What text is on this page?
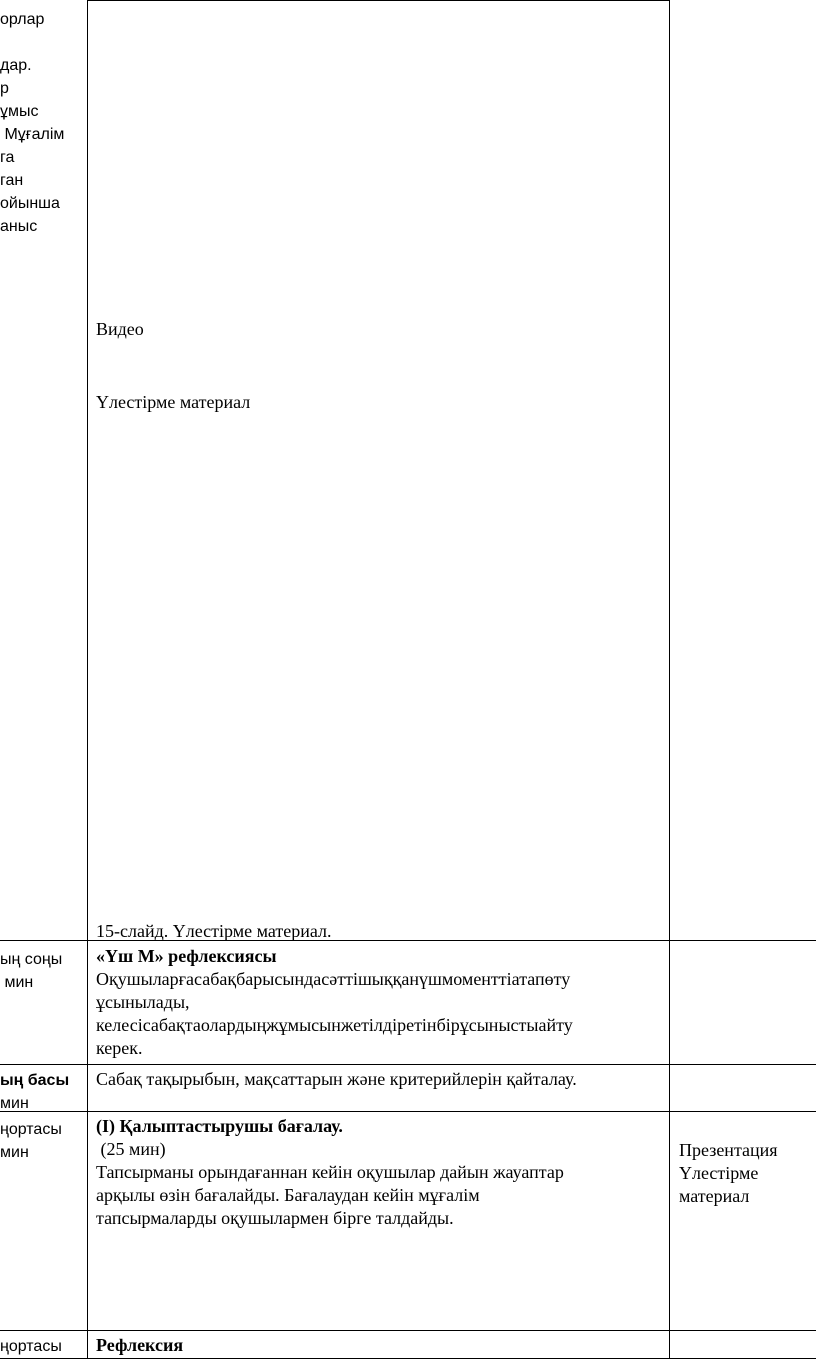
орлар
дар.
р
ұмыс
Мұғалім
га
ган
ойынша
аныс
Видео
Үлестірме материал
15-слайд. Үлестірме материал.
ың соңы
мин
«Үш М» рефлексиясы
Оқушыларғасабақбарысындасәттішыққанүшмоменттіатапөту
ұсынылады,
келесісабақтаолардыңжұмысынжетілдіретінбірұсыныстыайту
керек.
ың басы
мин
Сабақ тақырыбын, мақсаттарын және критерийлерін қайталау.
ңортасы
мин
(І) Қалыптастырушы бағалау.
(25 мин)
Тапсырманы орындағаннан кейін оқушылар дайын жауаптар
арқылы өзін бағалайды. Бағалаудан кейін мұғалім
тапсырмаларды оқушылармен бірге талдайды.
Презентация
Үлестірме
материал
ңортасы Рефлексия
